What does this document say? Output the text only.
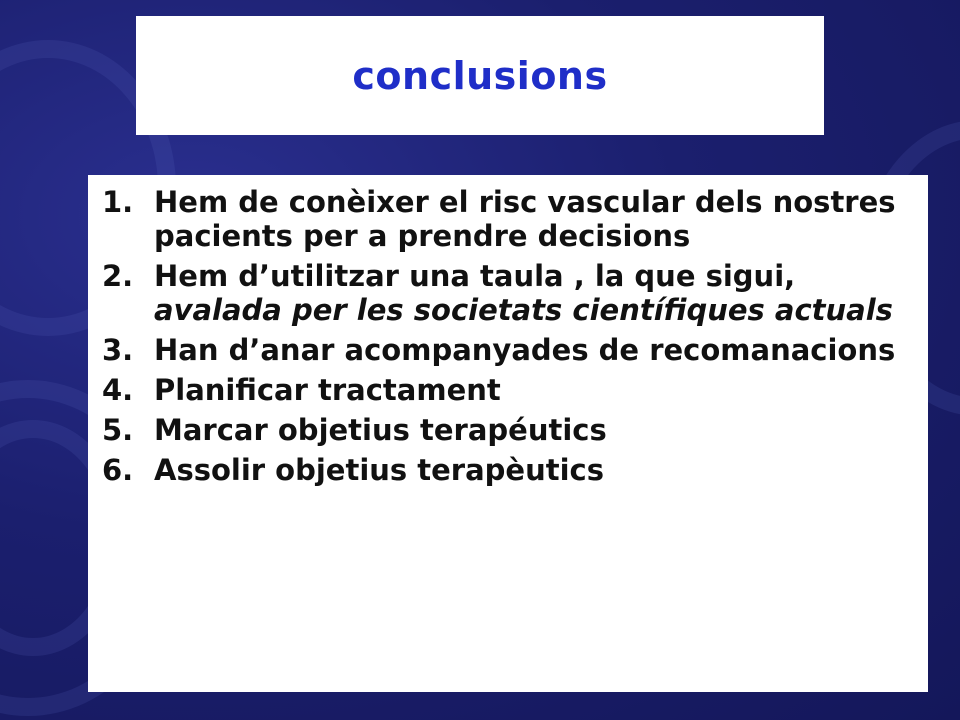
conclusions
1. Hem de conèixer el risc vascular dels nostres pacients per a prendre decisions
2. Hem d’utilitzar una taula , la que sigui, avalada per les societats científiques actuals
3. Han d’anar acompanyades de recomanacions
4. Planificar tractament
5. Marcar objetius terapéutics
6. Assolir objetius terapèutics
